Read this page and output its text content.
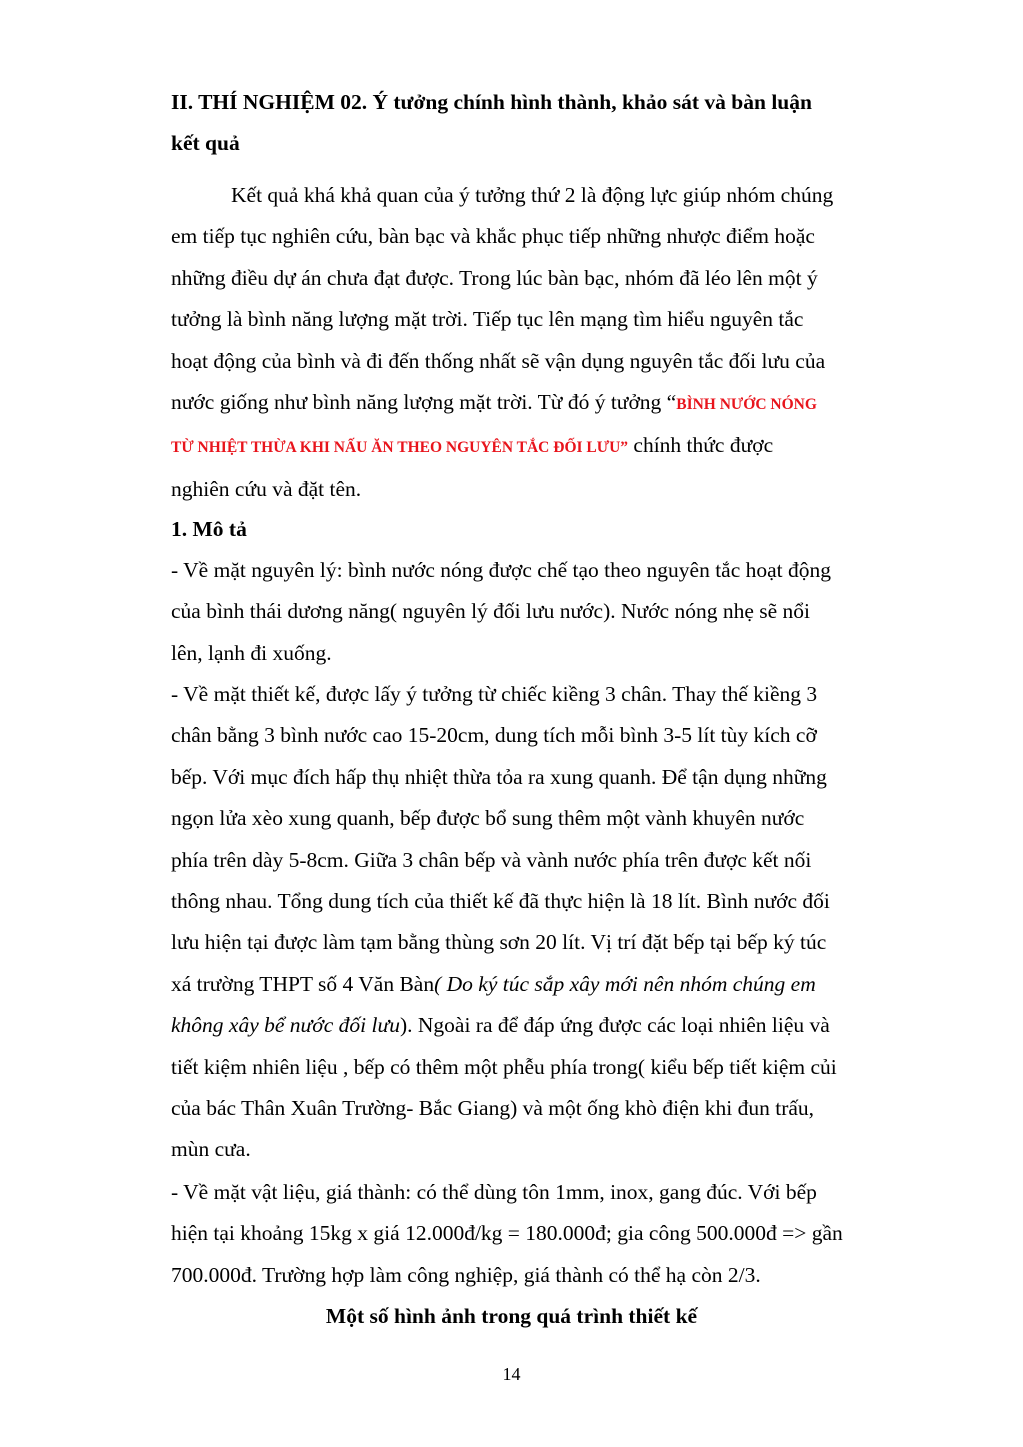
II. THÍ NGHIỆM 02. Ý tưởng chính hình thành, khảo sát và bàn luận
kết quả
Kết quả khá khả quan của ý tưởng thứ 2 là động lực giúp nhóm chúng
em tiếp tục nghiên cứu, bàn bạc và khắc phục tiếp những nhược điểm hoặc
những điều dự án chưa đạt được. Trong lúc bàn bạc, nhóm đã léo lên một ý
tưởng là bình năng lượng mặt trời. Tiếp tục lên mạng tìm hiểu nguyên tắc
hoạt động của bình và đi đến thống nhất sẽ vận dụng nguyên tắc đối lưu của
nước giống như bình năng lượng mặt trời. Từ đó ý tưởng “BÌNH NƯỚC NÓNG
TỪ NHIỆT THỪA KHI NẤU ĂN THEO NGUYÊN TẮC ĐỐI LƯU” chính thức được
nghiên cứu và đặt tên.
1. Mô tả
- Về mặt nguyên lý: bình nước nóng được chế tạo theo nguyên tắc hoạt động
của bình thái dương năng( nguyên lý đối lưu nước). Nước nóng nhẹ sẽ nổi
lên, lạnh đi xuống.
- Về mặt thiết kế, được lấy ý tưởng từ chiếc kiềng 3 chân. Thay thế kiềng 3
chân bằng 3 bình nước cao 15-20cm, dung tích mỗi bình 3-5 lít tùy kích cỡ
bếp. Với mục đích hấp thụ nhiệt thừa tỏa ra xung quanh. Để tận dụng những
ngọn lửa xèo xung quanh, bếp được bổ sung thêm một vành khuyên nước
phía trên dày 5-8cm. Giữa 3 chân bếp và vành nước phía trên được kết nối
thông nhau. Tổng dung tích của thiết kế đã thực hiện là 18 lít. Bình nước đối
lưu hiện tại được làm tạm bằng thùng sơn 20 lít. Vị trí đặt bếp tại bếp ký túc
xá trường THPT số 4 Văn Bàn( Do ký túc sắp xây mới nên nhóm chúng em
không xây bể nước đối lưu). Ngoài ra để đáp ứng được các loại nhiên liệu và
tiết kiệm nhiên liệu , bếp có thêm một phễu phía trong( kiểu bếp tiết kiệm củi
của bác Thân Xuân Trường- Bắc Giang) và một ống khò điện khi đun trấu,
mùn cưa.
- Về mặt vật liệu, giá thành: có thể dùng tôn 1mm, inox, gang đúc. Với bếp
hiện tại khoảng 15kg x giá 12.000đ/kg = 180.000đ; gia công 500.000đ => gần
700.000đ. Trường hợp làm công nghiệp, giá thành có thể hạ còn 2/3.
Một số hình ảnh trong quá trình thiết kế
14
